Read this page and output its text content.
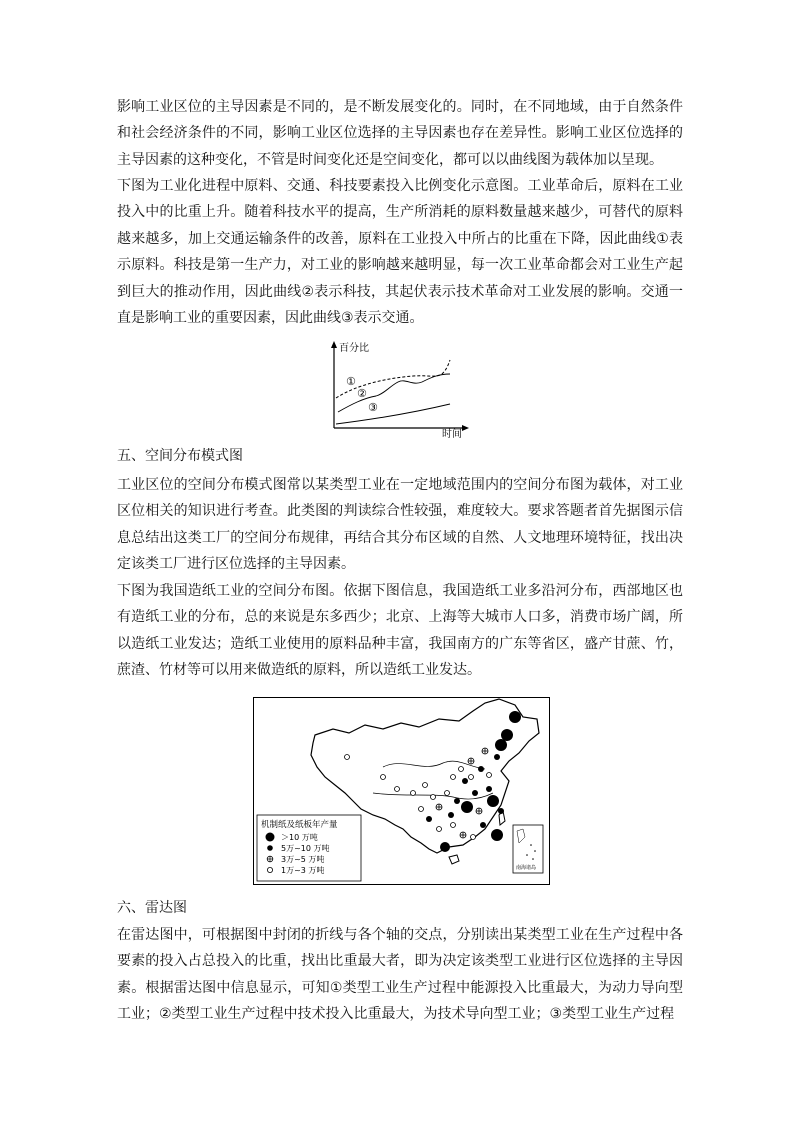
影响工业区位的主导因素是不同的，是不断发展变化的。同时，在不同地域，由于自然条件和社会经济条件的不同，影响工业区位选择的主导因素也存在差异性。影响工业区位选择的主导因素的这种变化，不管是时间变化还是空间变化，都可以以曲线图为载体加以呈现。

下图为工业化进程中原料、交通、科技要素投入比例变化示意图。工业革命后，原料在工业投入中的比重上升。随着科技水平的提高，生产所消耗的原料数量越来越少，可替代的原料越来越多，加上交通运输条件的改善，原料在工业投入中所占的比重在下降，因此曲线①表示原料。科技是第一生产力，对工业的影响越来越明显，每一次工业革命都会对工业生产起到巨大的推动作用，因此曲线②表示科技，其起伏表示技术革命对工业发展的影响。交通一直是影响工业的重要因素，因此曲线③表示交通。

百分比
时间
①
②
③

五、空间分布模式图

工业区位的空间分布模式图常以某类型工业在一定地域范围内的空间分布图为载体，对工业区位相关的知识进行考查。此类图的判读综合性较强，难度较大。要求答题者首先据图示信息总结出这类工厂的空间分布规律，再结合其分布区域的自然、人文地理环境特征，找出决定该类工厂进行区位选择的主导因素。

下图为我国造纸工业的空间分布图。依据下图信息，我国造纸工业多沿河分布，西部地区也有造纸工业的分布，总的来说是东多西少；北京、上海等大城市人口多，消费市场广阔，所以造纸工业发达；造纸工业使用的原料品种丰富，我国南方的广东等省区，盛产甘蔗、竹，蔗渣、竹材等可以用来做造纸的原料，所以造纸工业发达。

机制纸及纸板年产量
＞10 万吨
5万~10 万吨
3万~5 万吨
1万~3 万吨	南海诸岛

六、雷达图

在雷达图中，可根据图中封闭的折线与各个轴的交点，分别读出某类型工业在生产过程中各要素的投入占总投入的比重，找出比重最大者，即为决定该类型工业进行区位选择的主导因素。根据雷达图中信息显示，可知①类型工业生产过程中能源投入比重最大，为动力导向型工业；②类型工业生产过程中技术投入比重最大，为技术导向型工业；③类型工业生产过程
